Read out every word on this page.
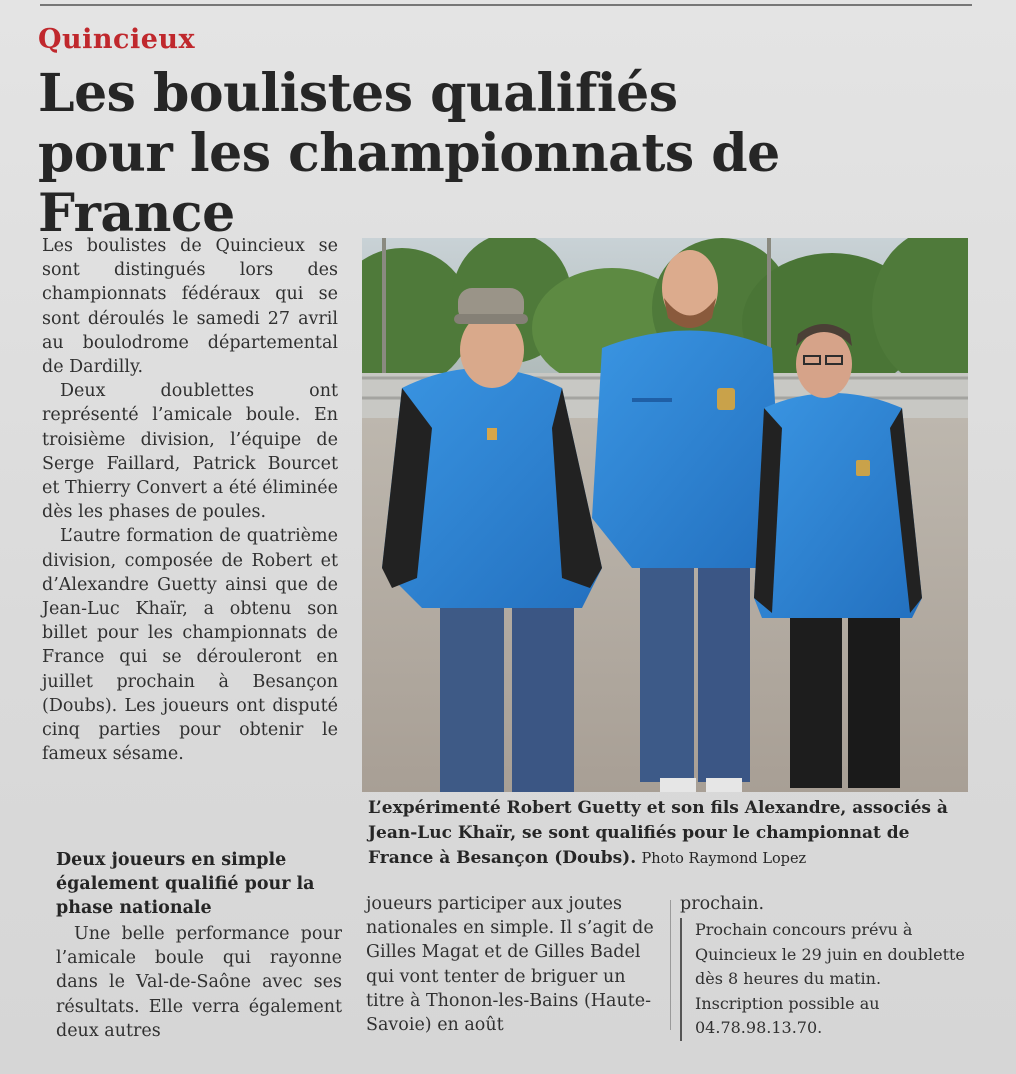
Quincieux
Les boulistes qualifiés
pour les championnats de France

Les boulistes de Quincieux se sont distingués lors des championnats fédéraux qui se sont déroulés le samedi 27 avril au boulodrome départemental de Dardilly.

Deux doublettes ont représenté l’amicale boule. En troisième division, l’équipe de Serge Faillard, Patrick Bourcet et Thierry Convert a été éliminée dès les phases de poules.

L’autre formation de quatrième division, composée de Robert et d’Alexandre Guetty ainsi que de Jean-Luc Khaïr, a obtenu son billet pour les championnats de France qui se dérouleront en juillet prochain à Besançon (Doubs). Les joueurs ont disputé cinq parties pour obtenir le fameux sésame.

L’expérimenté Robert Guetty et son fils Alexandre, associés à Jean-Luc Khaïr, se sont qualifiés pour le championnat de France à Besançon (Doubs). Photo Raymond Lopez
Deux joueurs en simple également qualifié pour la phase nationale

Une belle performance pour l’amicale boule qui rayonne dans le Val-de-Saône avec ses résultats. Elle verra également deux autres

joueurs participer aux joutes nationales en simple. Il s’agit de Gilles Magat et de Gilles Badel qui vont tenter de briguer un titre à Thonon-les-Bains (Haute-Savoie) en août

prochain.

Prochain concours prévu à Quincieux le 29 juin en doublette dès 8 heures du matin. Inscription possible au 04.78.98.13.70.
